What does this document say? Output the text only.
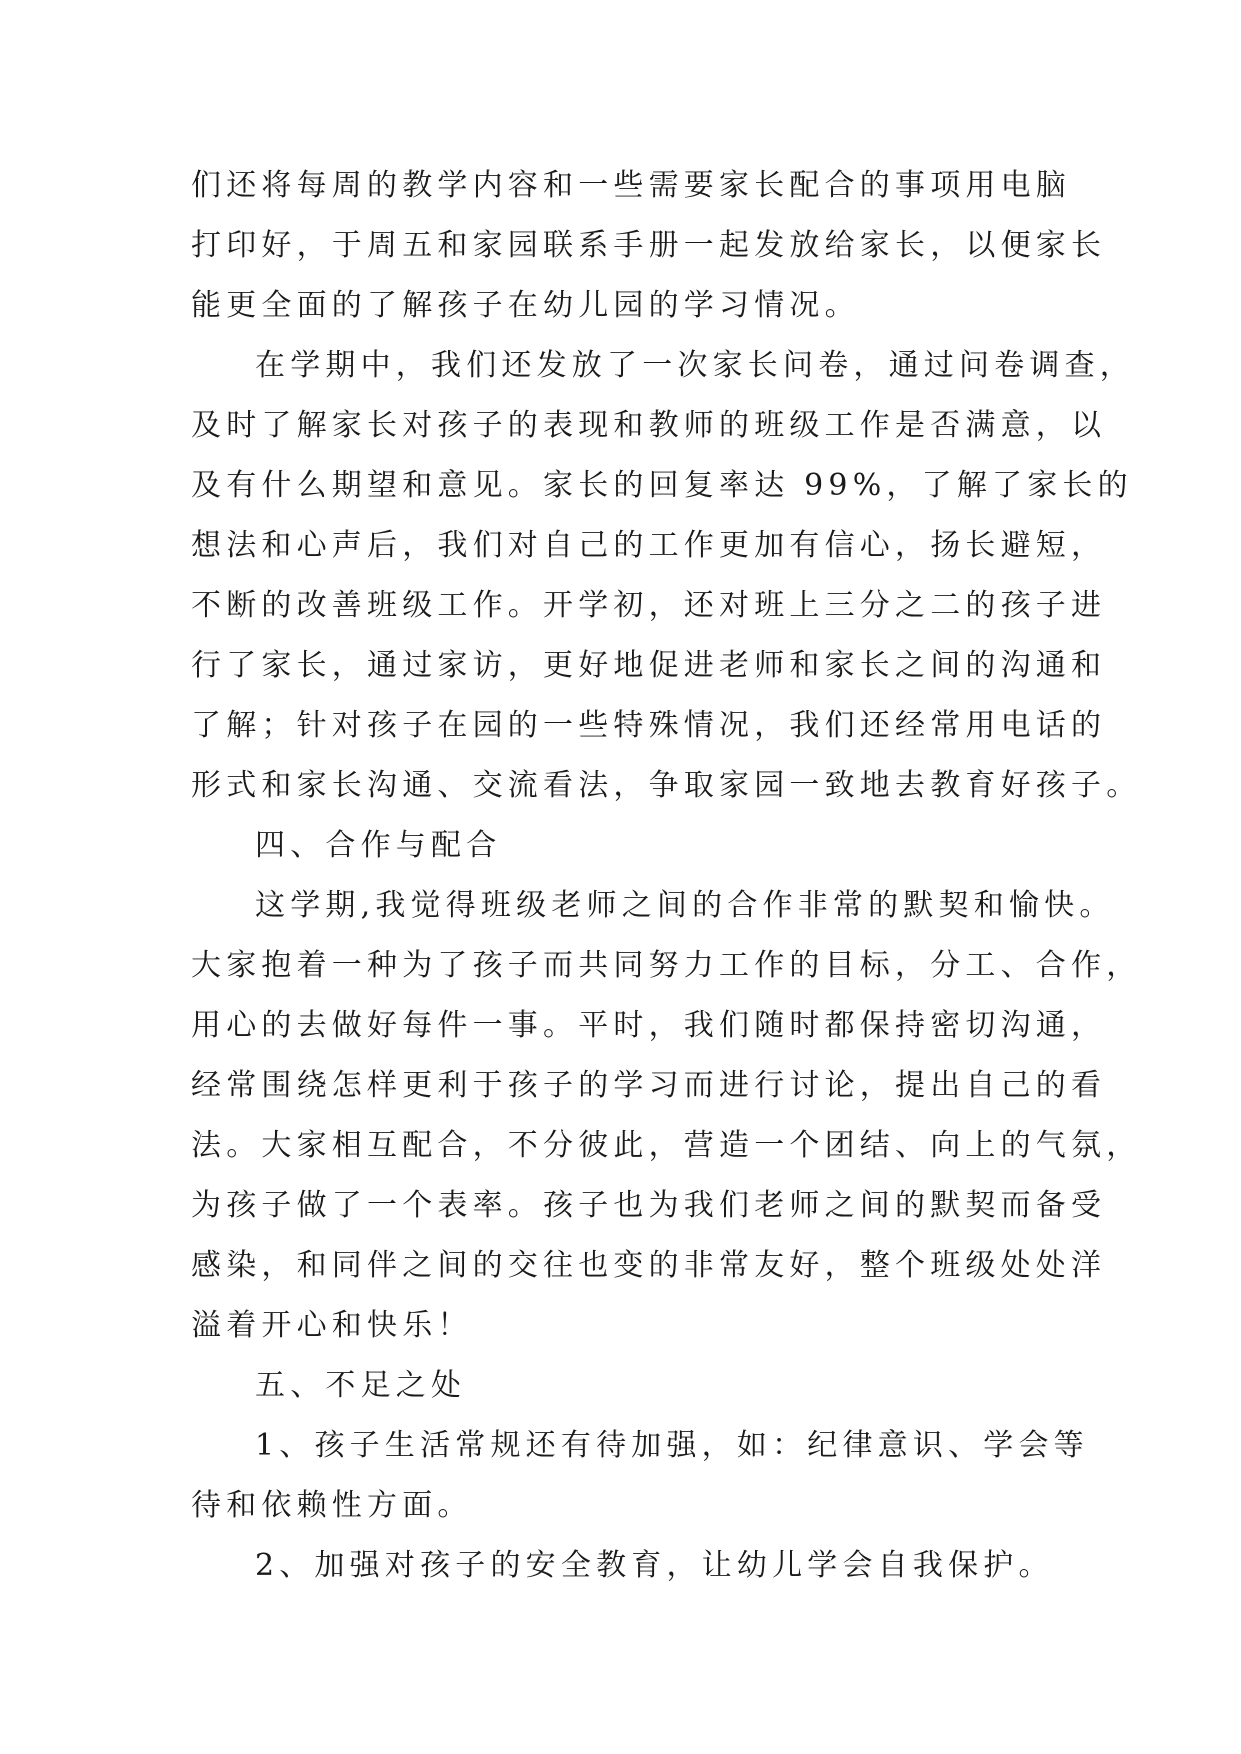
们还将每周的教学内容和一些需要家长配合的事项用电脑
打印好，于周五和家园联系手册一起发放给家长，以便家长
能更全面的了解孩子在幼儿园的学习情况。
在学期中，我们还发放了一次家长问卷，通过问卷调查，
及时了解家长对孩子的表现和教师的班级工作是否满意，以
及有什么期望和意见。家长的回复率达 99%，了解了家长的
想法和心声后，我们对自己的工作更加有信心，扬长避短，
不断的改善班级工作。开学初，还对班上三分之二的孩子进
行了家长，通过家访，更好地促进老师和家长之间的沟通和
了解；针对孩子在园的一些特殊情况，我们还经常用电话的
形式和家长沟通、交流看法，争取家园一致地去教育好孩子。
四、合作与配合
这学期,我觉得班级老师之间的合作非常的默契和愉快。
大家抱着一种为了孩子而共同努力工作的目标，分工、合作，
用心的去做好每件一事。平时，我们随时都保持密切沟通，
经常围绕怎样更利于孩子的学习而进行讨论，提出自己的看
法。大家相互配合，不分彼此，营造一个团结、向上的气氛，
为孩子做了一个表率。孩子也为我们老师之间的默契而备受
感染，和同伴之间的交往也变的非常友好，整个班级处处洋
溢着开心和快乐！
五、不足之处
1、孩子生活常规还有待加强，如：纪律意识、学会等
待和依赖性方面。
2、加强对孩子的安全教育，让幼儿学会自我保护。
